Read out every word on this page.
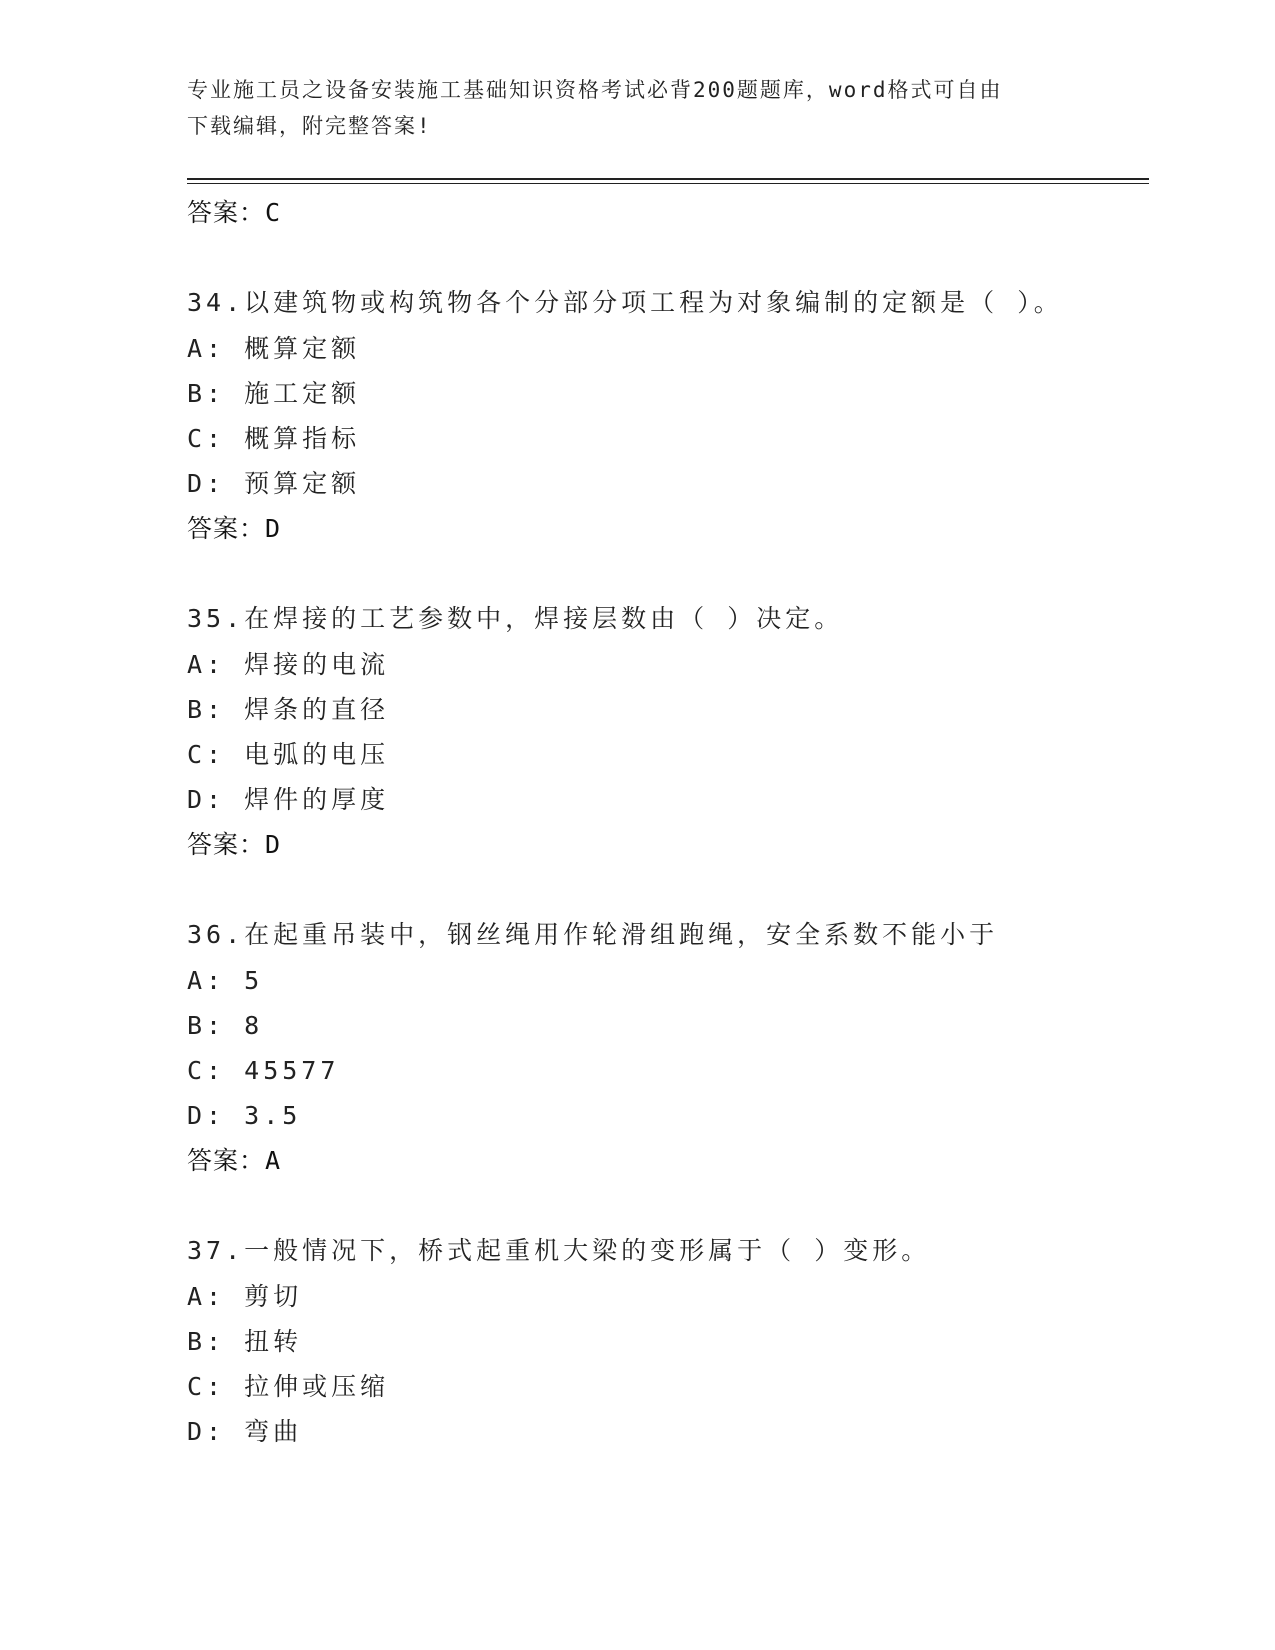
专业施工员之设备安装施工基础知识资格考试必背200题题库，word格式可自由
下载编辑，附完整答案!
答案：C
34.以建筑物或构筑物各个分部分项工程为对象编制的定额是（ ）。
A: 概算定额
B: 施工定额
C: 概算指标
D: 预算定额
答案：D
35.在焊接的工艺参数中，焊接层数由（ ）决定。
A: 焊接的电流
B: 焊条的直径
C: 电弧的电压
D: 焊件的厚度
答案：D
36.在起重吊装中，钢丝绳用作轮滑组跑绳，安全系数不能小于
A: 5
B: 8
C: 45577
D: 3.5
答案：A
37.一般情况下，桥式起重机大梁的变形属于（ ）变形。
A: 剪切
B: 扭转
C: 拉伸或压缩
D: 弯曲
